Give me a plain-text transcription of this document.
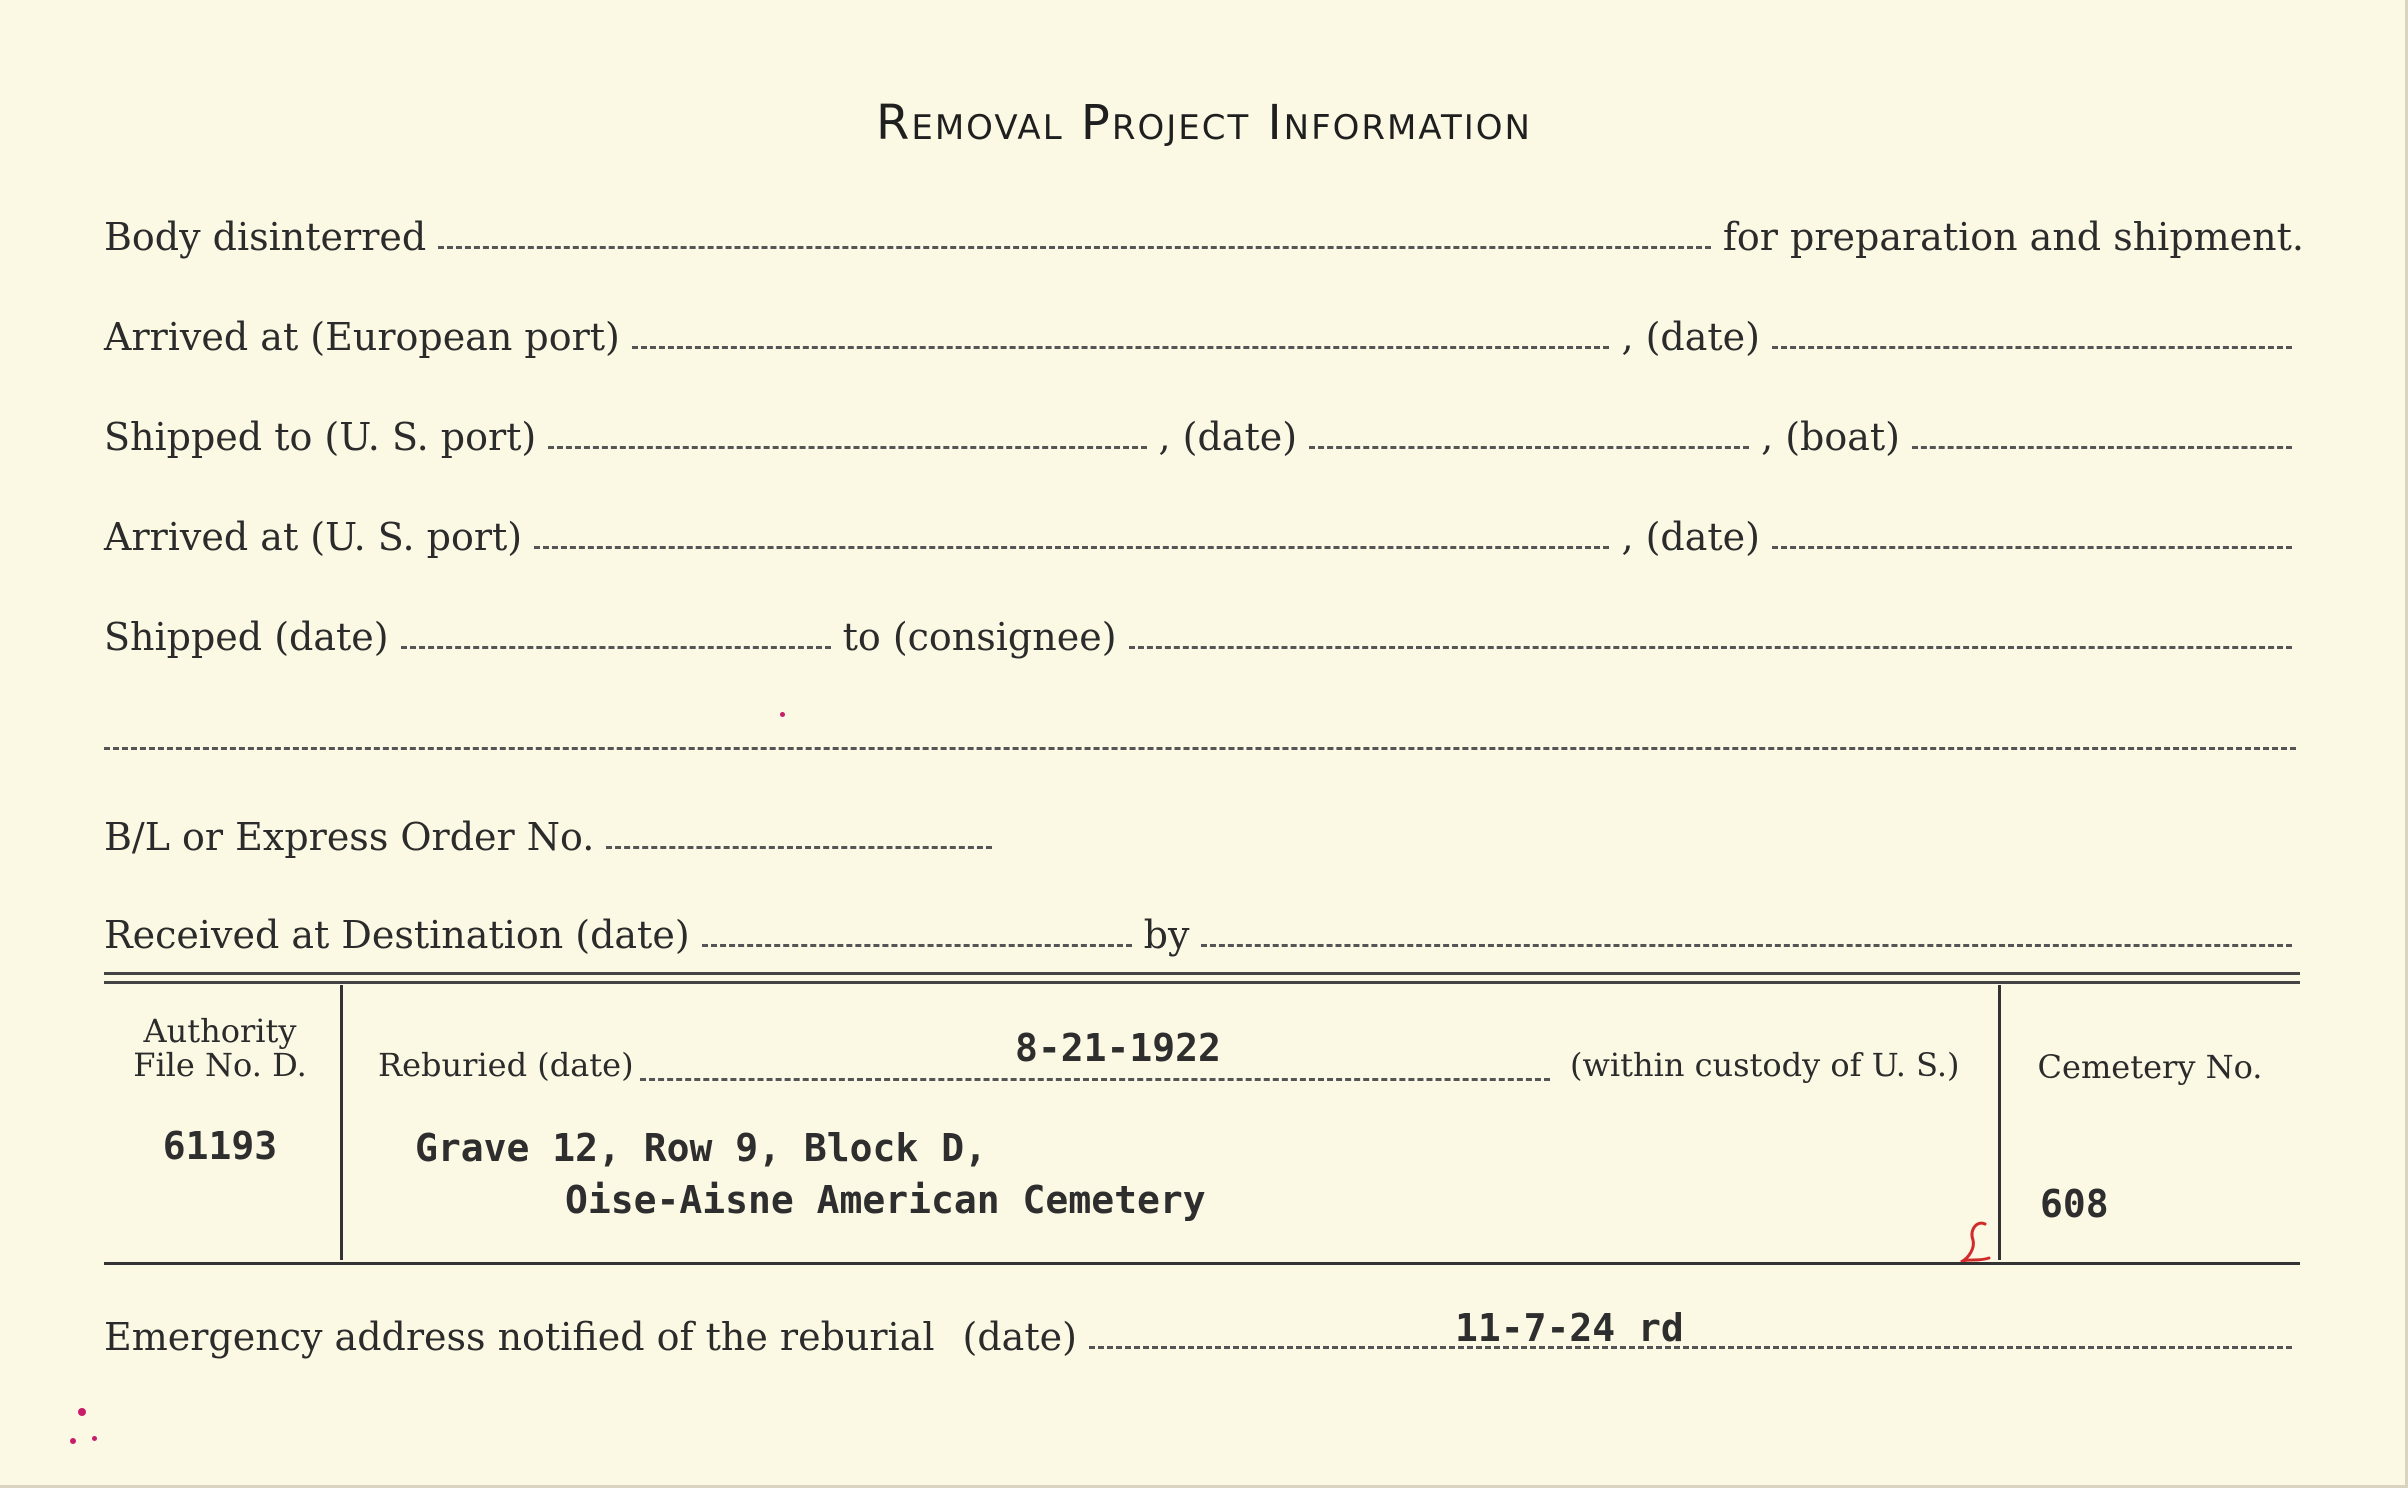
Removal Project Information
Body disinterred	for preparation and shipment.
Arrived at (European port)	, (date)
Shipped to (U. S. port)	, (date)	, (boat)
Arrived at (U. S. port)	, (date)
Shipped (date)	to (consignee)
B/L or Express Order No.
Received at Destination (date)	by
Authority
File No. D.
61193
Reburied (date)	8-21-1922	(within custody of U. S.)
Grave 12, Row 9, Block D,
Oise-Aisne American Cemetery
Cemetery No.
608
Emergency address notified of the reburial (date)	11-7-24 rd
